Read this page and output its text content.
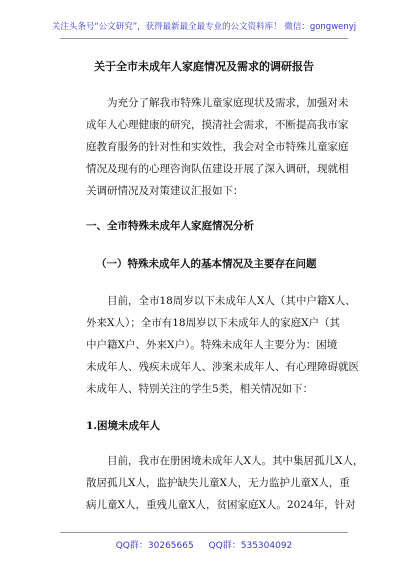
关注头条号“公文研究”，获得最新最全最专业的公文资料库！ 微信：gongwenyj
关于全市未成年人家庭情况及需求的调研报告
为充分了解我市特殊儿童家庭现状及需求，加强对未
成年人心理健康的研究，摸清社会需求，不断提高我市家
庭教育服务的针对性和实效性，我会对全市特殊儿童家庭
情况及现有的心理咨询队伍建设开展了深入调研，现就相
关调研情况及对策建议汇报如下：
一、全市特殊未成年人家庭情况分析
（一）特殊未成年人的基本情况及主要存在问题
目前，全市18周岁以下未成年人X人（其中户籍X人、
外来X人）；全市有18周岁以下未成年人的家庭X户（其
中户籍X户、外来X户）。特殊未成年人主要分为：困境
未成年人、残疾未成年人、涉案未成年人、有心理障碍就医
未成年人、特别关注的学生5类，相关情况如下：
1.困境未成年人
目前，我市在册困境未成年人X人。其中集居孤儿X人，
散居孤儿X人，监护缺失儿童X人，无力监护儿童X人，重
病儿童X人，重残儿童X人，贫困家庭X人。2024年，针对
QQ群：30265665 QQ群：535304092
